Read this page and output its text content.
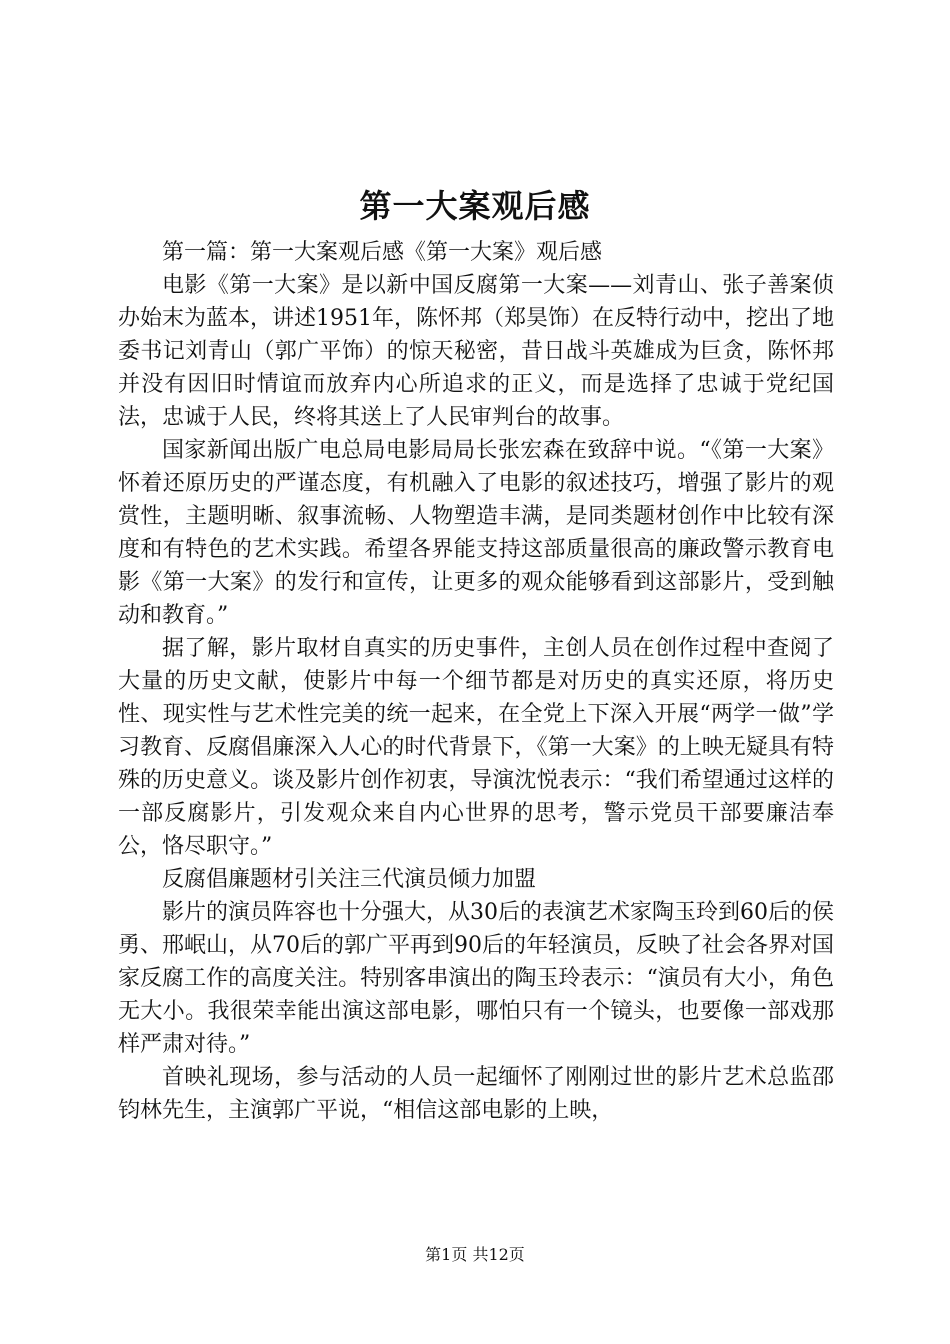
第一大案观后感

第一篇：第一大案观后感《第一大案》观后感

电影《第一大案》是以新中国反腐第一大案——刘青山、张子善案侦办始末为蓝本，讲述1951年，陈怀邦（郑昊饰）在反特行动中，挖出了地委书记刘青山（郭广平饰）的惊天秘密，昔日战斗英雄成为巨贪，陈怀邦并没有因旧时情谊而放弃内心所追求的正义，而是选择了忠诚于党纪国法，忠诚于人民，终将其送上了人民审判台的故事。

国家新闻出版广电总局电影局局长张宏森在致辞中说。“《第一大案》怀着还原历史的严谨态度，有机融入了电影的叙述技巧，增强了影片的观赏性，主题明晰、叙事流畅、人物塑造丰满，是同类题材创作中比较有深度和有特色的艺术实践。希望各界能支持这部质量很高的廉政警示教育电影《第一大案》的发行和宣传，让更多的观众能够看到这部影片，受到触动和教育。”

据了解，影片取材自真实的历史事件，主创人员在创作过程中查阅了大量的历史文献，使影片中每一个细节都是对历史的真实还原，将历史性、现实性与艺术性完美的统一起来，在全党上下深入开展“两学一做”学习教育、反腐倡廉深入人心的时代背景下，《第一大案》的上映无疑具有特殊的历史意义。谈及影片创作初衷，导演沈悦表示：“我们希望通过这样的一部反腐影片，引发观众来自内心世界的思考，警示党员干部要廉洁奉公，恪尽职守。”

反腐倡廉题材引关注三代演员倾力加盟

影片的演员阵容也十分强大，从30后的表演艺术家陶玉玲到60后的侯勇、邢岷山，从70后的郭广平再到90后的年轻演员，反映了社会各界对国家反腐工作的高度关注。特别客串演出的陶玉玲表示：“演员有大小，角色无大小。我很荣幸能出演这部电影，哪怕只有一个镜头，也要像一部戏那样严肃对待。”

首映礼现场，参与活动的人员一起缅怀了刚刚过世的影片艺术总监邵钧林先生，主演郭广平说，“相信这部电影的上映，

第1页 共12页
